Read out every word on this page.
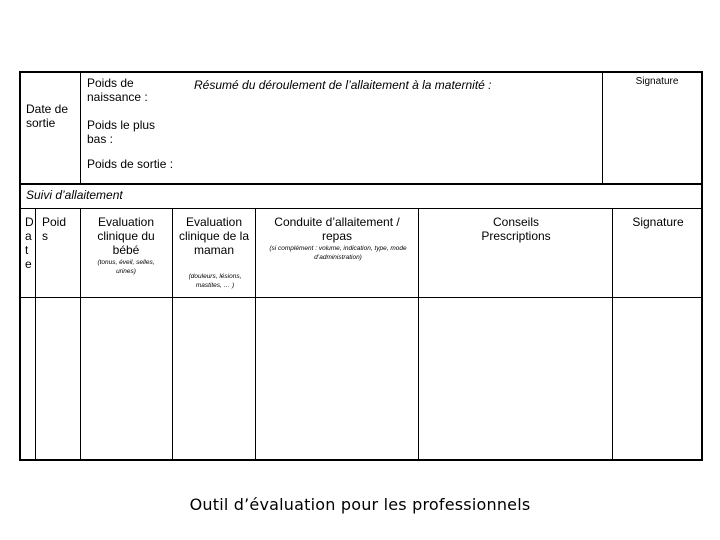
Date de sortie
Poids de naissance :
Poids le plus bas :
Poids de sortie :
Résumé du déroulement de l’allaitement à la maternité :	Signature
Suivi d’allaitement
D
a
t
e
Poid
s
Evaluation clinique du bébé
(tonus, éveil, selles, urines)
Evaluation clinique de la maman
(douleurs, lésions, mastites, … )
Conduite d’allaitement / repas
(si complément : volume, indication, type, mode d’administration)
Conseils Prescriptions
Signature
Outil d’évaluation pour les professionnels
